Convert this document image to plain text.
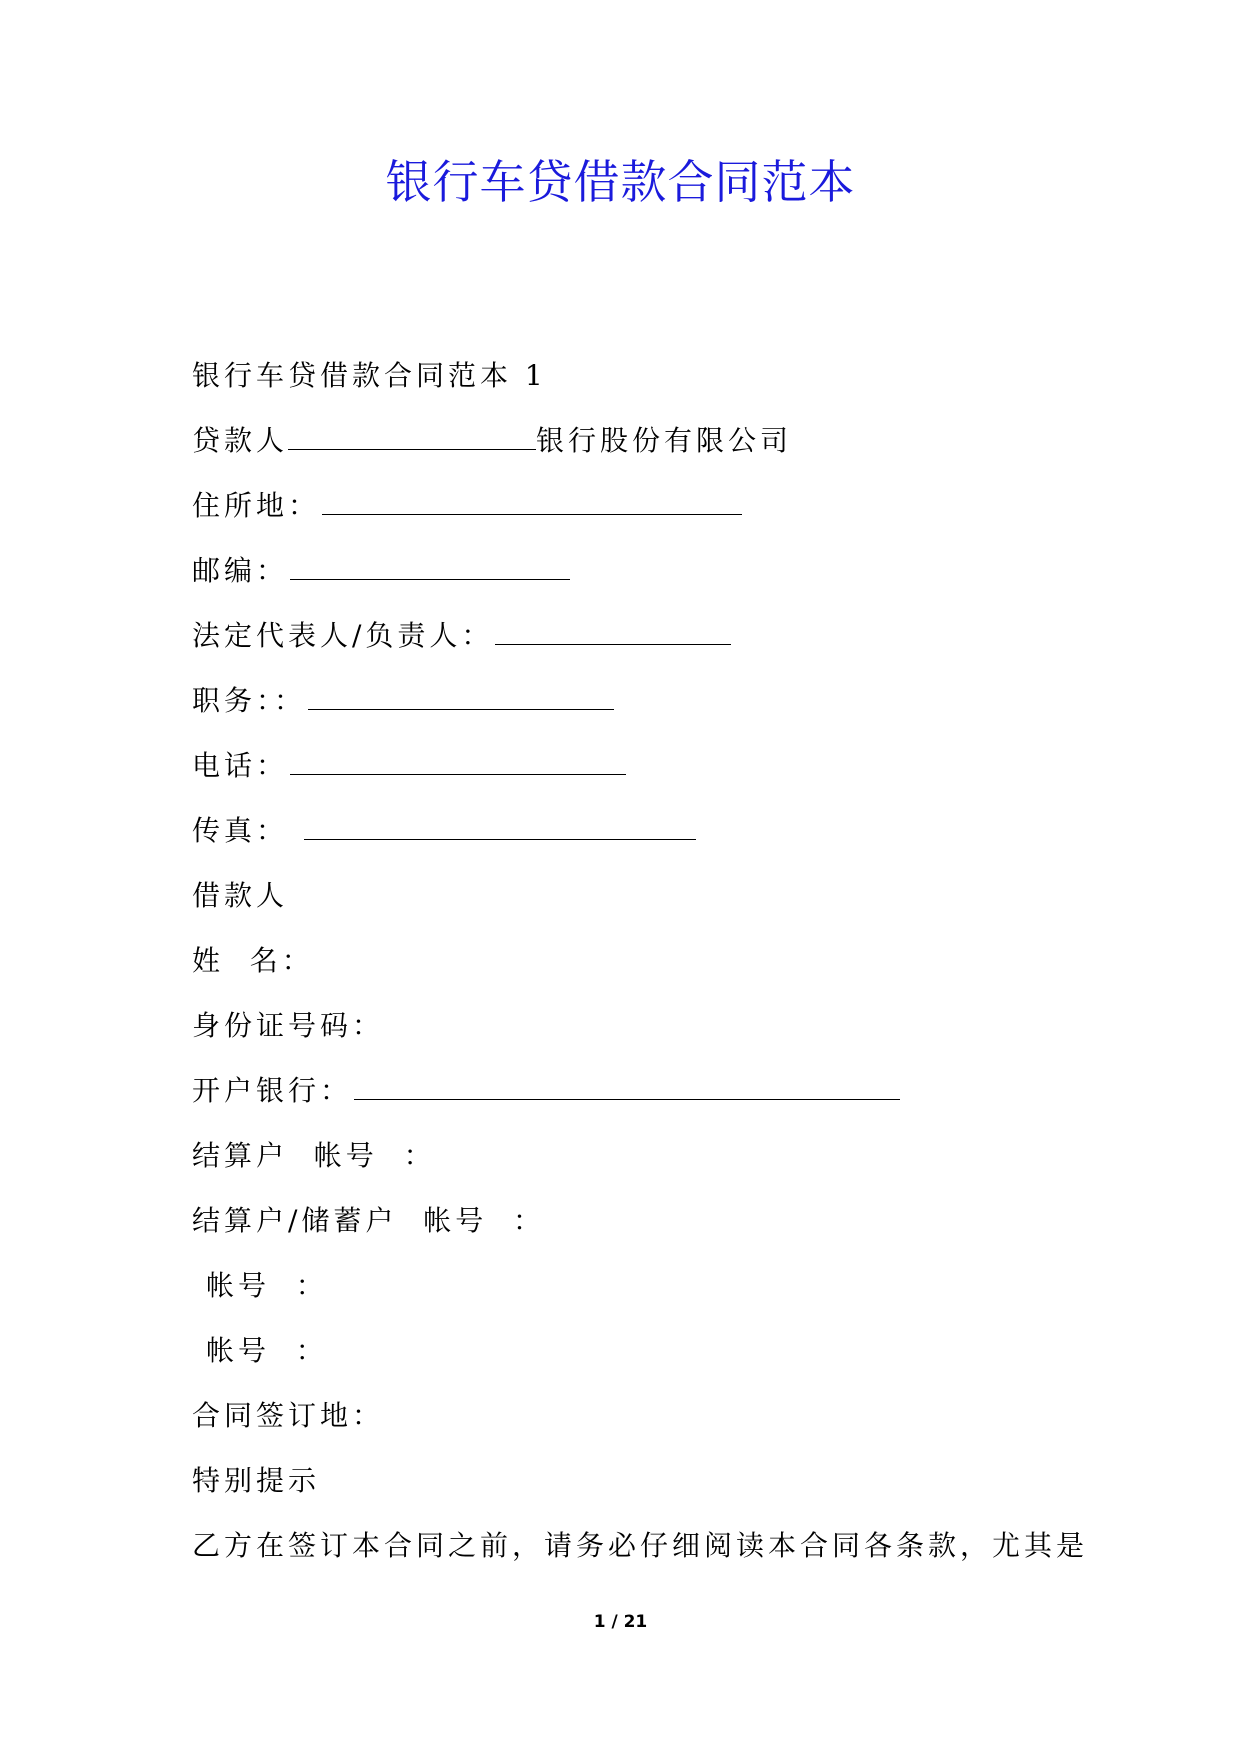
银行车贷借款合同范本
银行车贷借款合同范本 1
贷款人	银行股份有限公司
住所地：
邮编：
法定代表人/负责人：
职务：：
电话：
传真：
借款人
姓  名：
身份证号码：
开户银行：
结算户  帐号  ：
结算户/储蓄户  帐号  ：
帐号  ：
帐号  ：
合同签订地：
特别提示
乙方在签订本合同之前，请务必仔细阅读本合同各条款，尤其是
1 / 21
